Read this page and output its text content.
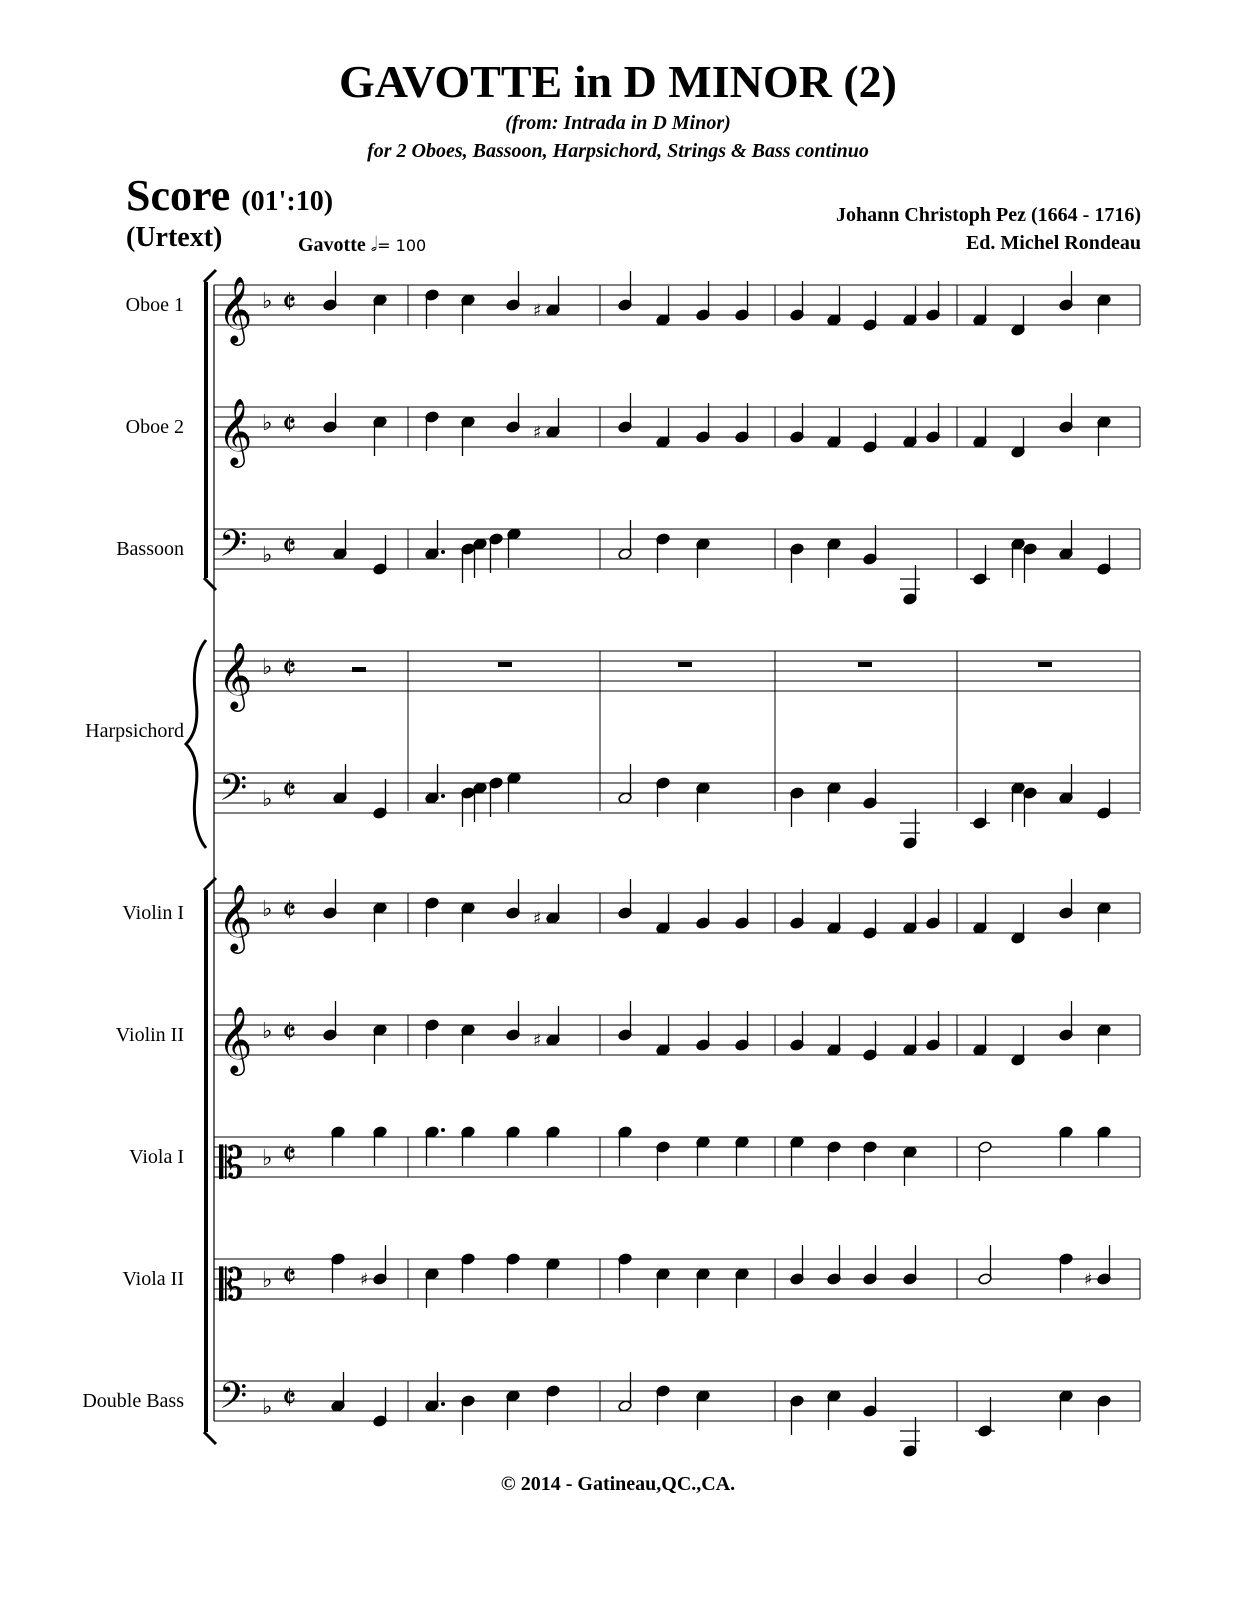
GAVOTTE in D MINOR (2)
(from: Intrada in D Minor)
for 2 Oboes, Bassoon, Harpsichord, Strings & Bass continuo
Score (01':10)
(Urtext)	Gavotte 𝅗𝅥= 100
Johann Christoph Pez (1664 - 1716)
Ed. Michel Rondeau
Oboe 1
Oboe 2
Bassoon
Harpsichord
Violin I
Violin II
Viola I
Viola II
Double Bass
𝄞 ♭ 𝄵	♯
𝄞 ♭ 𝄵	♯
𝄢 ♭ 𝄵
𝄞 ♭ 𝄵
𝄢 ♭ 𝄵
𝄞 ♭ 𝄵	♯
𝄞 ♭ 𝄵	♯
𝄡 ♭ 𝄵
𝄡 ♭ 𝄵	♯	♯
𝄢 ♭ 𝄵
© 2014 - Gatineau,QC.,CA.
